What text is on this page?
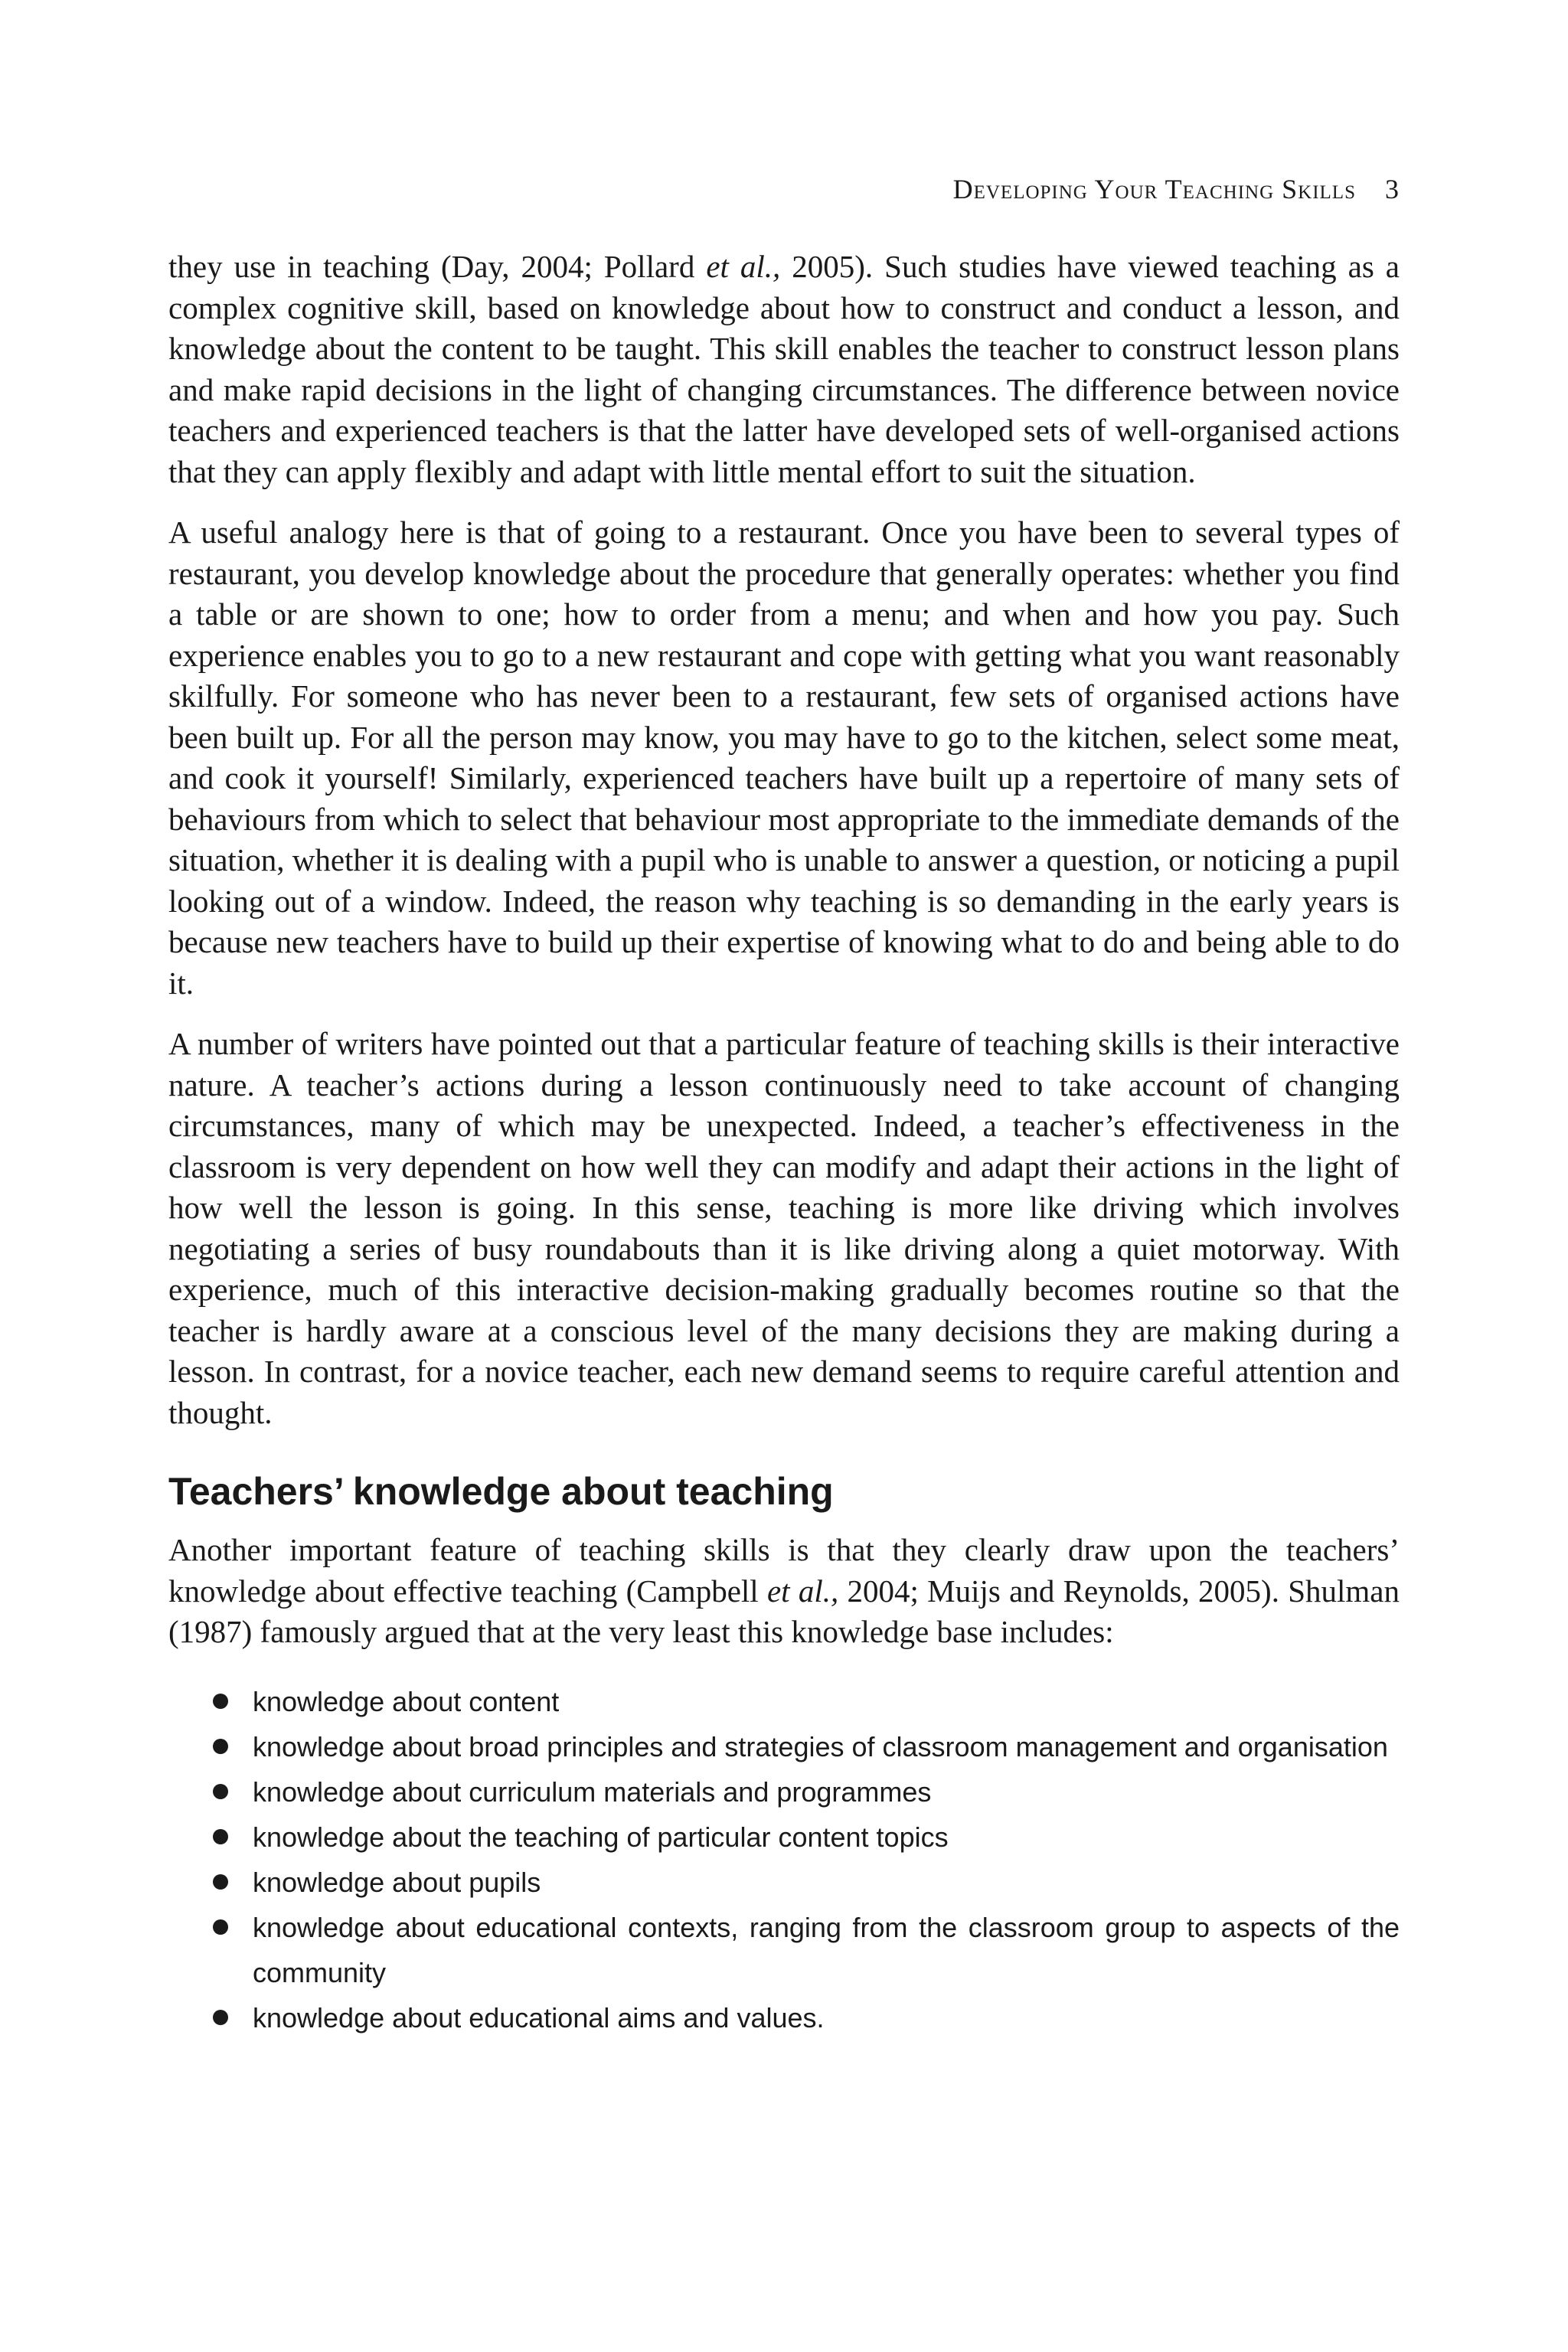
Developing Your Teaching Skills 3

they use in teaching (Day, 2004; Pollard et al., 2005). Such studies have viewed teaching as a complex cognitive skill, based on knowledge about how to construct and conduct a lesson, and knowledge about the content to be taught. This skill enables the teacher to construct lesson plans and make rapid decisions in the light of changing circumstances. The difference between novice teachers and experienced teachers is that the latter have developed sets of well-organised actions that they can apply flexibly and adapt with little mental effort to suit the situation.

A useful analogy here is that of going to a restaurant. Once you have been to several types of restaurant, you develop knowledge about the procedure that generally operates: whether you find a table or are shown to one; how to order from a menu; and when and how you pay. Such experience enables you to go to a new restaurant and cope with getting what you want reasonably skilfully. For someone who has never been to a restaurant, few sets of organised actions have been built up. For all the person may know, you may have to go to the kitchen, select some meat, and cook it yourself! Similarly, experienced teachers have built up a repertoire of many sets of behaviours from which to select that behaviour most appropriate to the immediate demands of the situation, whether it is dealing with a pupil who is unable to answer a question, or noticing a pupil looking out of a window. Indeed, the reason why teaching is so demanding in the early years is because new teachers have to build up their expertise of knowing what to do and being able to do it.

A number of writers have pointed out that a particular feature of teaching skills is their interactive nature. A teacher’s actions during a lesson continuously need to take account of changing circumstances, many of which may be unexpected. Indeed, a teacher’s effectiveness in the classroom is very dependent on how well they can modify and adapt their actions in the light of how well the lesson is going. In this sense, teaching is more like driving which involves negotiating a series of busy roundabouts than it is like driving along a quiet motorway. With experience, much of this interactive decision-making gradually becomes routine so that the teacher is hardly aware at a conscious level of the many decisions they are making during a lesson. In contrast, for a novice teacher, each new demand seems to require careful attention and thought.

Teachers’ knowledge about teaching

Another important feature of teaching skills is that they clearly draw upon the teachers’ knowledge about effective teaching (Campbell et al., 2004; Muijs and Reynolds, 2005). Shulman (1987) famously argued that at the very least this knowledge base includes:

knowledge about content
knowledge about broad principles and strategies of classroom management and organisation
knowledge about curriculum materials and programmes
knowledge about the teaching of particular content topics
knowledge about pupils
knowledge about educational contexts, ranging from the classroom group to aspects of the community
knowledge about educational aims and values.
